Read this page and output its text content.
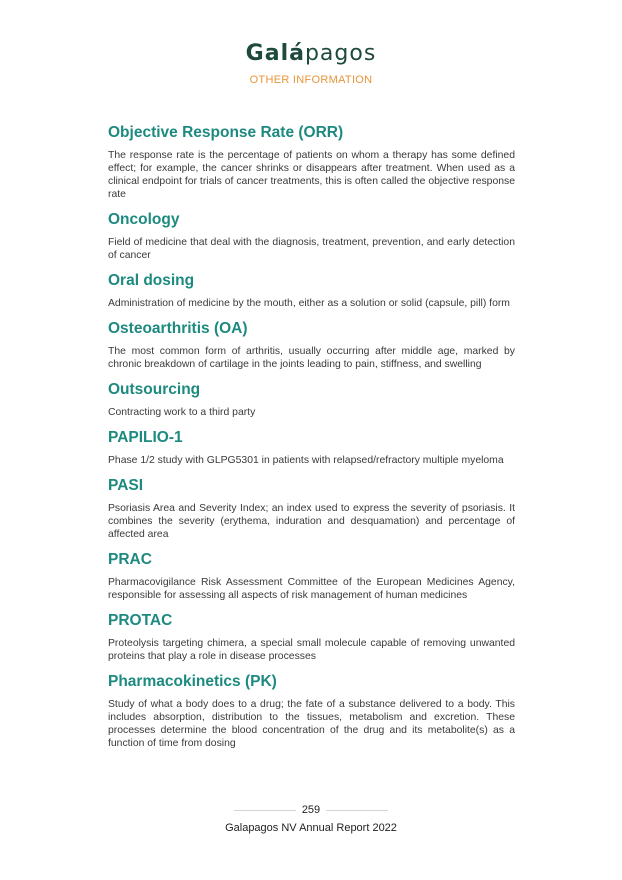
Galápagos
OTHER INFORMATION
Objective Response Rate (ORR)

The response rate is the percentage of patients on whom a therapy has some defined effect; for example, the cancer shrinks or disappears after treatment. When used as a clinical endpoint for trials of cancer treatments, this is often called the objective response rate

Oncology

Field of medicine that deal with the diagnosis, treatment, prevention, and early detection of cancer

Oral dosing

Administration of medicine by the mouth, either as a solution or solid (capsule, pill) form

Osteoarthritis (OA)

The most common form of arthritis, usually occurring after middle age, marked by chronic breakdown of cartilage in the joints leading to pain, stiffness, and swelling

Outsourcing

Contracting work to a third party

PAPILIO-1

Phase 1/2 study with GLPG5301 in patients with relapsed/refractory multiple myeloma

PASI

Psoriasis Area and Severity Index; an index used to express the severity of psoriasis. It combines the severity (erythema, induration and desquamation) and percentage of affected area

PRAC

Pharmacovigilance Risk Assessment Committee of the European Medicines Agency, responsible for assessing all aspects of risk management of human medicines

PROTAC

Proteolysis targeting chimera, a special small molecule capable of removing unwanted proteins that play a role in disease processes

Pharmacokinetics (PK)

Study of what a body does to a drug; the fate of a substance delivered to a body. This includes absorption, distribution to the tissues, metabolism and excretion. These processes determine the blood concentration of the drug and its metabolite(s) as a function of time from dosing

259
Galapagos NV Annual Report 2022
